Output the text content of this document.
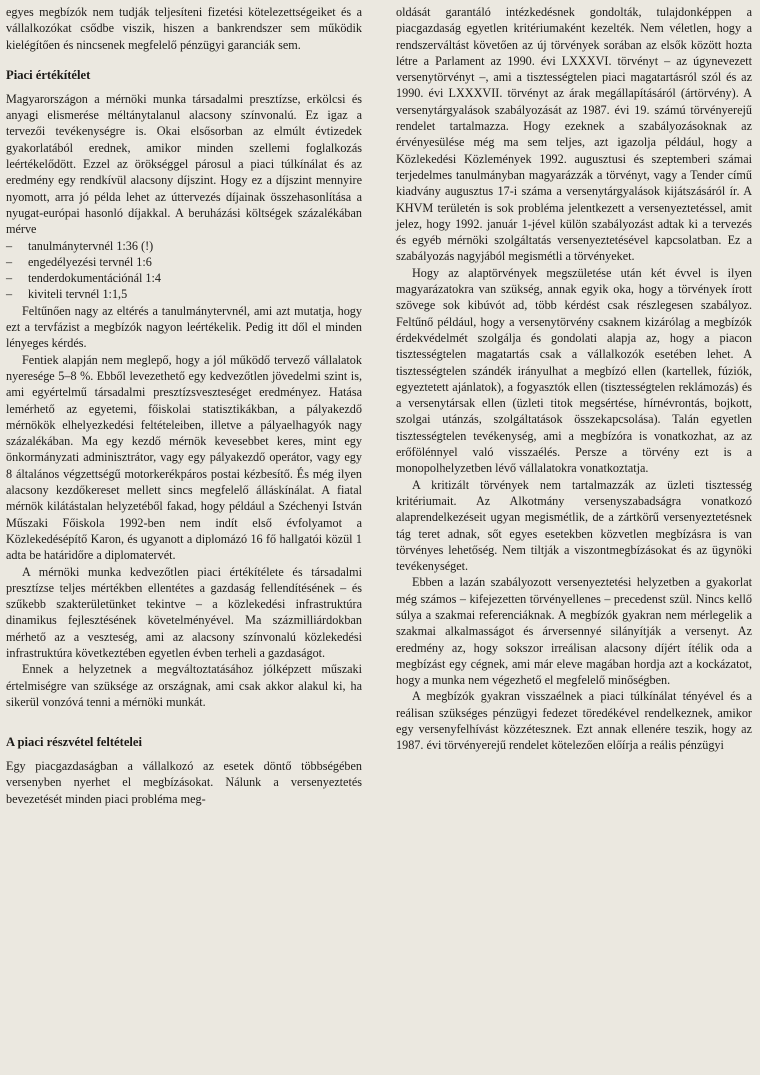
egyes megbízók nem tudják teljesíteni fizetési kötelezettségeiket és a vállalkozókat csődbe viszik, hiszen a bankrendszer sem működik kielégítően és nincsenek megfelelő pénzügyi garanciák sem.

Piaci értékítélet

Magyarországon a mérnöki munka társadalmi presztízse, erkölcsi és anyagi elismerése méltánytalanul alacsony színvonalú. Ez igaz a tervezői tevékenységre is. Okai elsősorban az elmúlt évtizedek gyakorlatából erednek, amikor minden szellemi foglalkozás leértékelődött. Ezzel az örökséggel párosul a piaci túlkínálat és az eredmény egy rendkívül alacsony díjszint. Hogy ez a díjszint mennyire nyomott, arra jó példa lehet az úttervezés díjainak összehasonlítása a nyugat-európai hasonló díjakkal. A beruházási költségek százalékában mérve

– tanulmánytervnél 1:36 (!)
– engedélyezési tervnél 1:6
– tenderdokumentációnál 1:4
– kiviteli tervnél 1:1,5

Feltűnően nagy az eltérés a tanulmánytervnél, ami azt mutatja, hogy ezt a tervfázist a megbízók nagyon leértékelik. Pedig itt dől el minden lényeges kérdés.

Fentiek alapján nem meglepő, hogy a jól működő tervező vállalatok nyeresége 5–8 %. Ebből levezethető egy kedvezőtlen jövedelmi szint is, ami egyértelmű társadalmi presztízsveszteséget eredményez. Hatása lemérhető az egyetemi, főiskolai statisztikákban, a pályakezdő mérnökök elhelyezkedési feltételeiben, illetve a pályaelhagyók nagy százalékában. Ma egy kezdő mérnök kevesebbet keres, mint egy önkormányzati adminisztrátor, vagy egy pályakezdő operátor, vagy egy 8 általános végzettségű motorkerékpáros postai kézbesítő. És még ilyen alacsony kezdőkereset mellett sincs megfelelő álláskínálat. A fiatal mérnök kilátástalan helyzetéből fakad, hogy például a Széchenyi István Műszaki Főiskola 1992-ben nem indít első évfolyamot a Közlekedésépítő Karon, és ugyanott a diplomázó 16 fő hallgatói közül 1 adta be határidőre a diplomatervét.

A mérnöki munka kedvezőtlen piaci értékítélete és társadalmi presztízse teljes mértékben ellentétes a gazdaság fellendítésének – és szűkebb szakterületünket tekintve – a közlekedési infrastruktúra dinamikus fejlesztésének követelményével. Ma százmilliárdokban mérhető az a veszteség, ami az alacsony színvonalú közlekedési infrastruktúra következtében egyetlen évben terheli a gazdaságot.

Ennek a helyzetnek a megváltoztatásához jólképzett műszaki értelmiségre van szüksége az országnak, ami csak akkor alakul ki, ha sikerül vonzóvá tenni a mérnöki munkát.

A piaci részvétel feltételei

Egy piacgazdaságban a vállalkozó az esetek döntő többségében versenyben nyerhet el megbízásokat. Nálunk a versenyeztetés bevezetését minden piaci probléma meg-

oldását garantáló intézkedésnek gondolták, tulajdonképpen a piacgazdaság egyetlen kritériumaként kezelték. Nem véletlen, hogy a rendszerváltást követően az új törvények sorában az elsők között hozta létre a Parlament az 1990. évi LXXXVI. törvényt – az úgynevezett versenytörvényt –, ami a tisztességtelen piaci magatartásról szól és az 1990. évi LXXXVII. törvényt az árak megállapításáról (ártörvény). A versenytárgyalások szabályozását az 1987. évi 19. számú törvényerejű rendelet tartalmazza. Hogy ezeknek a szabályozásoknak az érvényesülése még ma sem teljes, azt igazolja például, hogy a Közlekedési Közlemények 1992. augusztusi és szeptemberi számai terjedelmes tanulmányban magyarázzák a törvényt, vagy a Tender című kiadvány augusztus 17-i száma a versenytárgyalások kijátszásáról ír. A KHVM területén is sok probléma jelentkezett a versenyeztetéssel, amit jelez, hogy 1992. január 1-jével külön szabályozást adtak ki a tervezés és egyéb mérnöki szolgáltatás versenyeztetésével kapcsolatban. Ez a szabályozás nagyjából megismétli a törvényeket.

Hogy az alaptörvények megszületése után két évvel is ilyen magyarázatokra van szükség, annak egyik oka, hogy a törvények írott szövege sok kibúvót ad, több kérdést csak részlegesen szabályoz. Feltűnő például, hogy a versenytörvény csaknem kizárólag a megbízók érdekvédelmét szolgálja és gondolati alapja az, hogy a piacon tisztességtelen magatartás csak a vállalkozók esetében lehet. A tisztességtelen szándék irányulhat a megbízó ellen (kartellek, fúziók, egyeztetett ajánlatok), a fogyasztók ellen (tisztességtelen reklámozás) és a versenytársak ellen (üzleti titok megsértése, hírnévrontás, bojkott, szolgai utánzás, szolgáltatások összekapcsolása). Talán egyetlen tisztességtelen tevékenység, ami a megbízóra is vonatkozhat, az az erőfölénnyel való visszaélés. Persze a törvény ezt is a monopolhelyzetben lévő vállalatokra vonatkoztatja.

A kritizált törvények nem tartalmazzák az üzleti tisztesség kritériumait. Az Alkotmány versenyszabadságra vonatkozó alaprendelkezéseit ugyan megismétlik, de a zártkörű versenyeztetésnek tág teret adnak, sőt egyes esetekben közvetlen megbízásra is van törvényes lehetőség. Nem tiltják a viszontmegbízásokat és az ügynöki tevékenységet.

Ebben a lazán szabályozott versenyeztetési helyzetben a gyakorlat még számos – kifejezetten törvényellenes – precedenst szül. Nincs kellő súlya a szakmai referenciáknak. A megbízók gyakran nem mérlegelik a szakmai alkalmasságot és árversennyé silányítják a versenyt. Az eredmény az, hogy sokszor irreálisan alacsony díjért ítélik oda a megbízást egy cégnek, ami már eleve magában hordja azt a kockázatot, hogy a munka nem végezhető el megfelelő minőségben.

A megbízók gyakran visszaélnek a piaci túlkínálat tényével és a reálisan szükséges pénzügyi fedezet töredékével rendelkeznek, amikor egy versenyfelhívást közzétesznek. Ezt annak ellenére teszik, hogy az 1987. évi törvényerejű rendelet kötelezően előírja a reális pénzügyi
